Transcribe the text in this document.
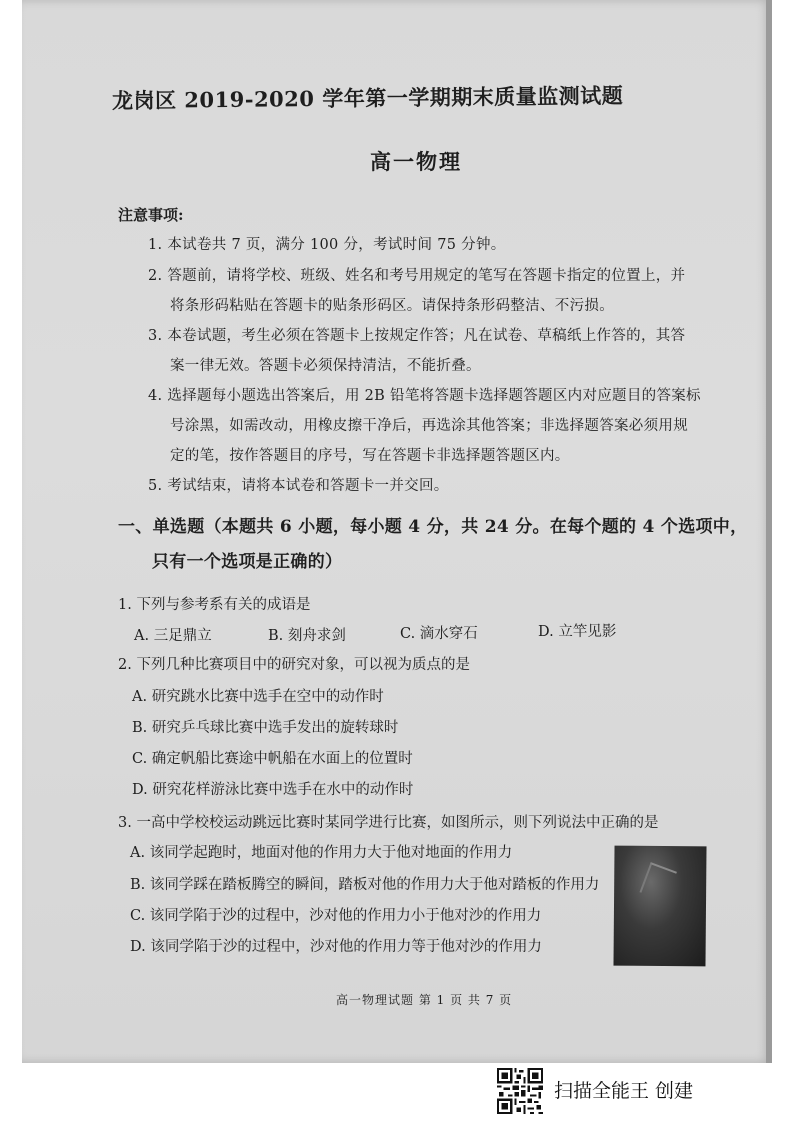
龙岗区 2019-2020 学年第一学期期末质量监测试题
高一物理
注意事项:
1. 本试卷共 7 页，满分 100 分，考试时间 75 分钟。
2. 答题前，请将学校、班级、姓名和考号用规定的笔写在答题卡指定的位置上，并
将条形码粘贴在答题卡的贴条形码区。请保持条形码整洁、不污损。
3. 本卷试题，考生必须在答题卡上按规定作答；凡在试卷、草稿纸上作答的，其答
案一律无效。答题卡必须保持清洁，不能折叠。
4. 选择题每小题选出答案后，用 2B 铅笔将答题卡选择题答题区内对应题目的答案标
号涂黑，如需改动，用橡皮擦干净后，再选涂其他答案；非选择题答案必须用规
定的笔，按作答题目的序号，写在答题卡非选择题答题区内。
5. 考试结束，请将本试卷和答题卡一并交回。
一、单选题（本题共 6 小题，每小题 4 分，共 24 分。在每个题的 4 个选项中，
只有一个选项是正确的）
1. 下列与参考系有关的成语是
A. 三足鼎立	B. 刻舟求剑	C. 滴水穿石	D. 立竿见影
2. 下列几种比赛项目中的研究对象，可以视为质点的是
A. 研究跳水比赛中选手在空中的动作时
B. 研究乒乓球比赛中选手发出的旋转球时
C. 确定帆船比赛途中帆船在水面上的位置时
D. 研究花样游泳比赛中选手在水中的动作时
3. 一高中学校校运动跳远比赛时某同学进行比赛，如图所示，则下列说法中正确的是
A. 该同学起跑时，地面对他的作用力大于他对地面的作用力
B. 该同学踩在踏板腾空的瞬间，踏板对他的作用力大于他对踏板的作用力
C. 该同学陷于沙的过程中，沙对他的作用力小于他对沙的作用力
D. 该同学陷于沙的过程中，沙对他的作用力等于他对沙的作用力
高一物理试题 第 1 页 共 7 页
扫描全能王 创建
